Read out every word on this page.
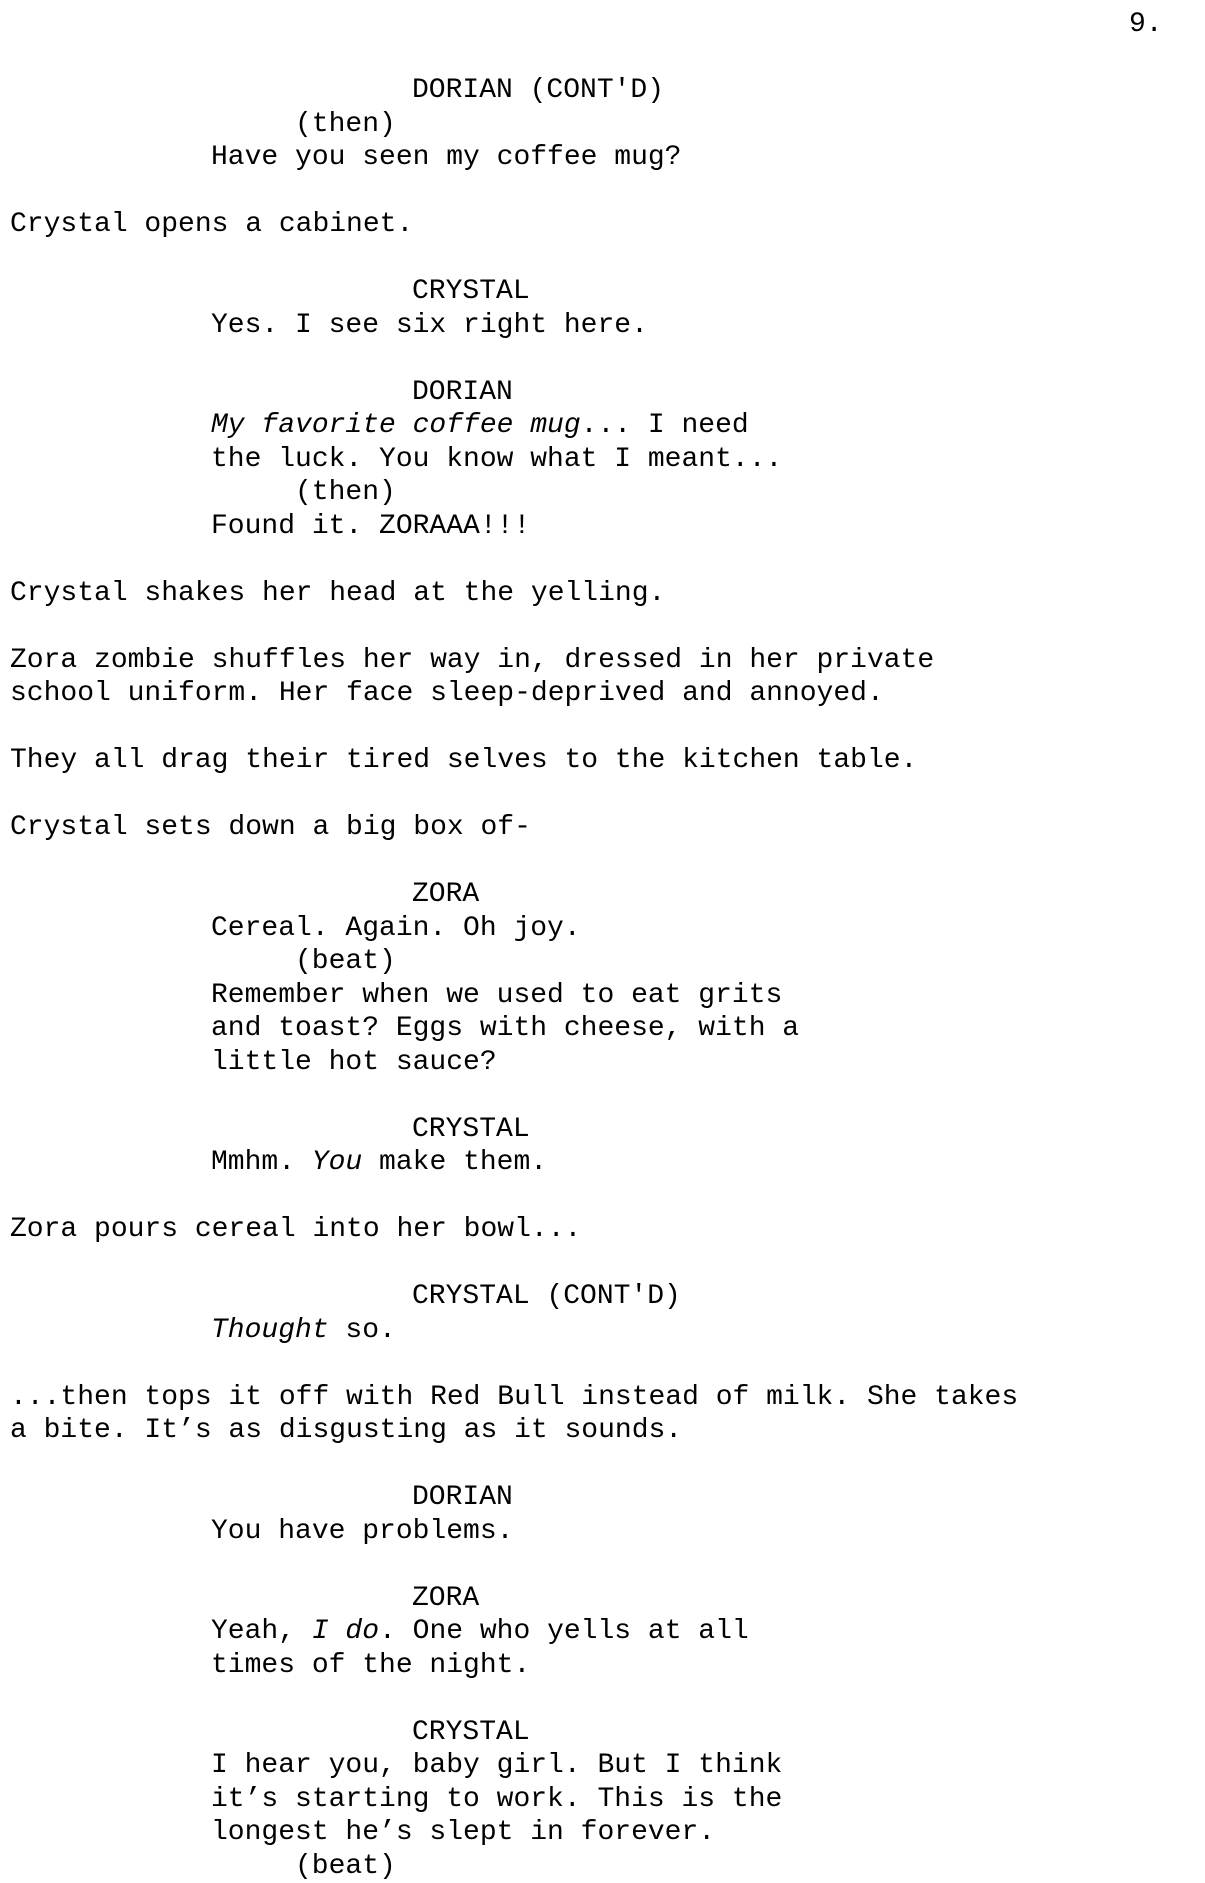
9.
DORIAN (CONT'D)
(then)
Have you seen my coffee mug?
Crystal opens a cabinet.
CRYSTAL
Yes. I see six right here.
DORIAN
My favorite coffee mug... I need
the luck. You know what I meant...
(then)
Found it. ZORAAA!!!
Crystal shakes her head at the yelling.
Zora zombie shuffles her way in, dressed in her private
school uniform. Her face sleep-deprived and annoyed.
They all drag their tired selves to the kitchen table.
Crystal sets down a big box of-
ZORA
Cereal. Again. Oh joy.
(beat)
Remember when we used to eat grits
and toast? Eggs with cheese, with a
little hot sauce?
CRYSTAL
Mmhm. You make them.
Zora pours cereal into her bowl...
CRYSTAL (CONT'D)
Thought so.
...then tops it off with Red Bull instead of milk. She takes
a bite. It’s as disgusting as it sounds.
DORIAN
You have problems.
ZORA
Yeah, I do. One who yells at all
times of the night.
CRYSTAL
I hear you, baby girl. But I think
it’s starting to work. This is the
longest he’s slept in forever.
(beat)
